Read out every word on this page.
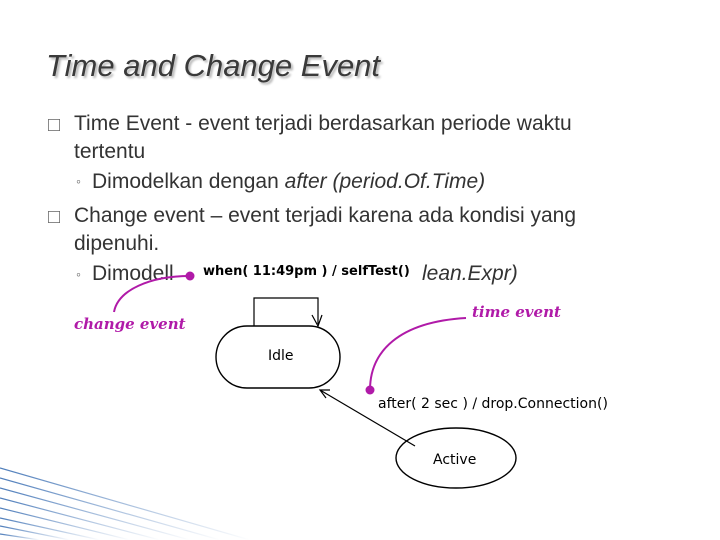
Time and Change Event
□ Time Event - event terjadi berdasarkan periode waktu
tertentu
◦ Dimodelkan dengan after (period.Of.Time)
□ Change event – event terjadi karena ada kondisi yang
dipenuhi.
◦ Dimodell	lean.Expr)
when( 11:49pm ) / selfTest()
change event
time event
Idle
after( 2 sec ) / drop.Connection()
Active
